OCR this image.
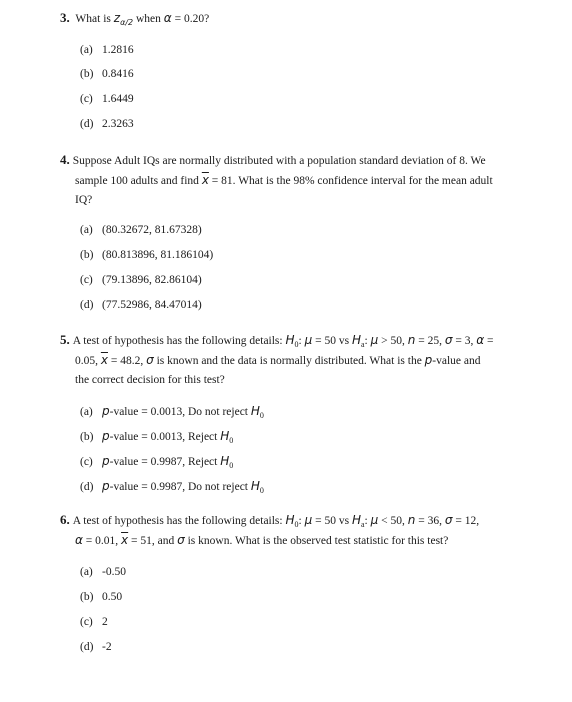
3. What is $z_{\alpha/2}$ when α = 0.20?
(a) 1.2816
(b) 0.8416
(c) 1.6449
(d) 2.3263
4. Suppose Adult IQs are normally distributed with a population standard deviation of 8. We
sample 100 adults and find $\overline{x} = 81$. What is the 98% confidence interval for the mean adult
IQ?
(a) (80.32672, 81.67328)
(b) (80.813896, 81.186104)
(c) (79.13896, 82.86104)
(d) (77.52986, 84.47014)
5. A test of hypothesis has the following details: $H_0$: μ = 50 vs $H_a$: μ > 50, n = 25, σ = 3, α =
0.05, $\overline{x} = 48.2$, σ is known and the data is normally distributed. What is the p-value and
the correct decision for this test?
(a) p-value = 0.0013, Do not reject $H_0$
(b) p-value = 0.0013, Reject $H_0$
(c) p-value = 0.9987, Reject $H_0$
(d) p-value = 0.9987, Do not reject $H_0$
6. A test of hypothesis has the following details: $H_0$: μ = 50 vs $H_a$: μ < 50, n = 36, σ = 12,
α = 0.01, $\overline{x} = 51$, and σ is known. What is the observed test statistic for this test?
(a) -0.50
(b) 0.50
(c) 2
(d) -2
